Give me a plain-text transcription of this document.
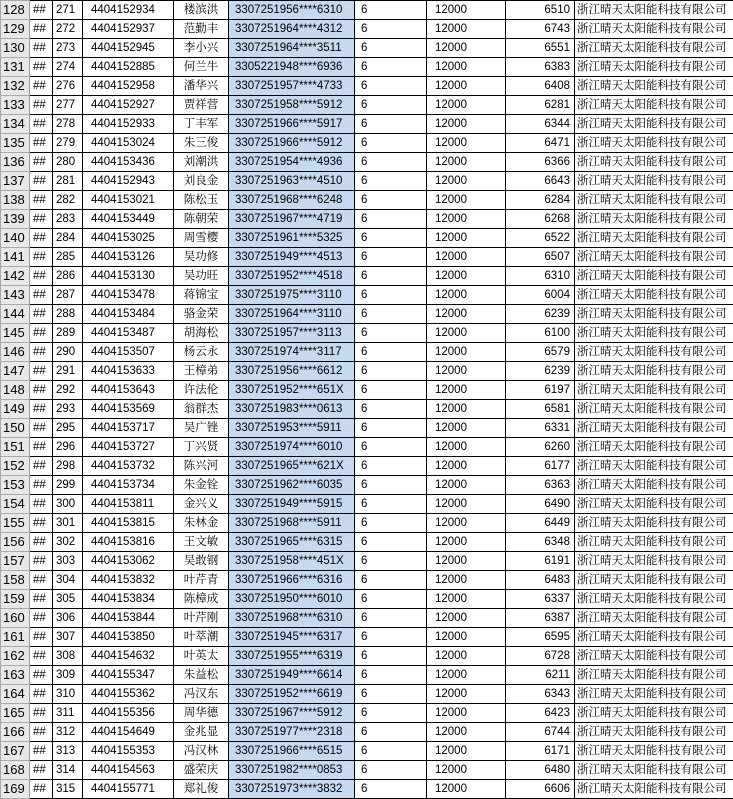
128	##	271	4404152934	楼滨洪	3307251956****6310	6	12000	6510	浙江晴天太阳能科技有限公司
129	##	272	4404152937	范勤丰	3307251964****4312	6	12000	6743	浙江晴天太阳能科技有限公司
130	##	273	4404152945	李小兴	3307251964****3511	6	12000	6551	浙江晴天太阳能科技有限公司
131	##	274	4404152885	何兰牛	3305221948****6936	6	12000	6383	浙江晴天太阳能科技有限公司
132	##	276	4404152958	潘华兴	3307251957****4733	6	12000	6408	浙江晴天太阳能科技有限公司
133	##	277	4404152927	贾祥营	3307251958****5912	6	12000	6281	浙江晴天太阳能科技有限公司
134	##	278	4404152933	丁丰军	3307251966****5917	6	12000	6344	浙江晴天太阳能科技有限公司
135	##	279	4404153024	朱三俊	3307251966****5912	6	12000	6471	浙江晴天太阳能科技有限公司
136	##	280	4404153436	刘潮洪	3307251954****4936	6	12000	6366	浙江晴天太阳能科技有限公司
137	##	281	4404152943	刘良金	3307251963****4510	6	12000	6643	浙江晴天太阳能科技有限公司
138	##	282	4404153021	陈松玉	3307251968****6248	6	12000	6284	浙江晴天太阳能科技有限公司
139	##	283	4404153449	陈朝荣	3307251967****4719	6	12000	6268	浙江晴天太阳能科技有限公司
140	##	284	4404153025	周雪樱	3307251961****5325	6	12000	6522	浙江晴天太阳能科技有限公司
141	##	285	4404153126	吴功修	3307251949****4513	6	12000	6507	浙江晴天太阳能科技有限公司
142	##	286	4404153130	吴功旺	3307251952****4518	6	12000	6310	浙江晴天太阳能科技有限公司
143	##	287	4404153478	蒋锦宝	3307251975****3110	6	12000	6004	浙江晴天太阳能科技有限公司
144	##	288	4404153484	骆金荣	3307251964****3110	6	12000	6239	浙江晴天太阳能科技有限公司
145	##	289	4404153487	胡海松	3307251957****3113	6	12000	6100	浙江晴天太阳能科技有限公司
146	##	290	4404153507	杨云永	3307251974****3117	6	12000	6579	浙江晴天太阳能科技有限公司
147	##	291	4404153633	王樟弟	3307251956****6612	6	12000	6239	浙江晴天太阳能科技有限公司
148	##	292	4404153643	许法伦	3307251952****651X	6	12000	6197	浙江晴天太阳能科技有限公司
149	##	293	4404153569	翁群杰	3307251983****0613	6	12000	6581	浙江晴天太阳能科技有限公司
150	##	295	4404153717	吴广锉	3307251953****5911	6	12000	6331	浙江晴天太阳能科技有限公司
151	##	296	4404153727	丁兴贤	3307251974****6010	6	12000	6260	浙江晴天太阳能科技有限公司
152	##	298	4404153732	陈兴河	3307251965****621X	6	12000	6177	浙江晴天太阳能科技有限公司
153	##	299	4404153734	朱金铨	3307251962****6035	6	12000	6363	浙江晴天太阳能科技有限公司
154	##	300	4404153811	金兴义	3307251949****5915	6	12000	6490	浙江晴天太阳能科技有限公司
155	##	301	4404153815	朱林金	3307251968****5911	6	12000	6449	浙江晴天太阳能科技有限公司
156	##	302	4404153816	王文敏	3307251965****6315	6	12000	6348	浙江晴天太阳能科技有限公司
157	##	303	4404153062	吴敢钢	3307251958****451X	6	12000	6191	浙江晴天太阳能科技有限公司
158	##	304	4404153832	叶芹青	3307251966****6316	6	12000	6483	浙江晴天太阳能科技有限公司
159	##	305	4404153834	陈樟成	3307251950****6010	6	12000	6337	浙江晴天太阳能科技有限公司
160	##	306	4404153844	叶芹刚	3307251968****6310	6	12000	6387	浙江晴天太阳能科技有限公司
161	##	307	4404153850	叶萃潮	3307251945****6317	6	12000	6595	浙江晴天太阳能科技有限公司
162	##	308	4404154632	叶英太	3307251955****6319	6	12000	6728	浙江晴天太阳能科技有限公司
163	##	309	4404155347	朱益松	3307251949****6614	6	12000	6211	浙江晴天太阳能科技有限公司
164	##	310	4404155362	冯汉东	3307251952****6619	6	12000	6343	浙江晴天太阳能科技有限公司
165	##	311	4404155356	周华德	3307251967****5912	6	12000	6423	浙江晴天太阳能科技有限公司
166	##	312	4404154649	金兆显	3307251977****2318	6	12000	6744	浙江晴天太阳能科技有限公司
167	##	313	4404155353	冯汉林	3307251966****6515	6	12000	6171	浙江晴天太阳能科技有限公司
168	##	314	4404154563	盛荣庆	3307251982****0853	6	12000	6480	浙江晴天太阳能科技有限公司
169	##	315	4404155771	郑礼俊	3307251973****3832	6	12000	6606	浙江晴天太阳能科技有限公司
